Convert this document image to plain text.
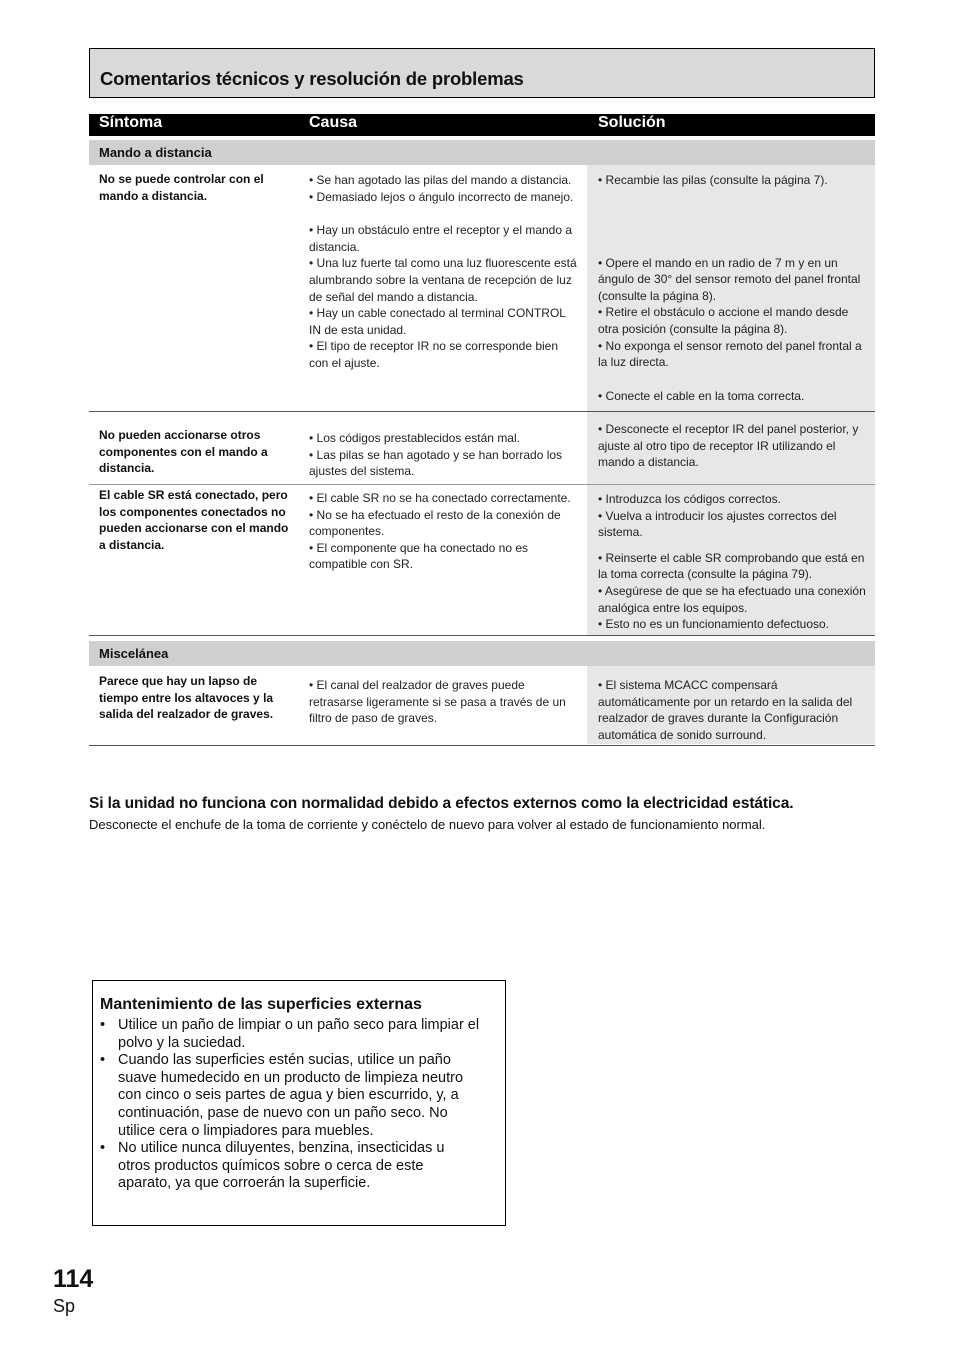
Comentarios técnicos y resolución de problemas
Síntoma	Causa	Solución
Mando a distancia
No se puede controlar con el mando a distancia.

• Se han agotado las pilas del mando a distancia.

• Demasiado lejos o ángulo incorrecto de manejo.

• Hay un obstáculo entre el receptor y el mando a distancia.

• Una luz fuerte tal como una luz fluorescente está alumbrando sobre la ventana de recepción de luz de señal del mando a distancia.

• Hay un cable conectado al terminal CONTROL IN de esta unidad.

• El tipo de receptor IR no se corresponde bien con el ajuste.

• Recambie las pilas (consulte la página 7).

• Opere el mando en un radio de 7 m y en un ángulo de 30° del sensor remoto del panel frontal (consulte la página 8).

• Retire el obstáculo o accione el mando desde otra posición (consulte la página 8).

• No exponga el sensor remoto del panel frontal a la luz directa.

• Conecte el cable en la toma correcta.

No pueden accionarse otros componentes con el mando a distancia.

• Los códigos prestablecidos están mal.

• Las pilas se han agotado y se han borrado los ajustes del sistema.

• Desconecte el receptor IR del panel posterior, y ajuste al otro tipo de receptor IR utilizando el mando a distancia.

El cable SR está conectado, pero los componentes conectados no pueden accionarse con el mando a distancia.

• El cable SR no se ha conectado correctamente.

• No se ha efectuado el resto de la conexión de componentes.

• El componente que ha conectado no es compatible con SR.

• Introduzca los códigos correctos.

• Vuelva a introducir los ajustes correctos del sistema.

• Reinserte el cable SR comprobando que está en la toma correcta (consulte la página 79).

• Asegúrese de que se ha efectuado una conexión analógica entre los equipos.

• Esto no es un funcionamiento defectuoso.

Miscelánea
Parece que hay un lapso de tiempo entre los altavoces y la salida del realzador de graves.

• El canal del realzador de graves puede retrasarse ligeramente si se pasa a través de un filtro de paso de graves.

• El sistema MCACC compensará automáticamente por un retardo en la salida del realzador de graves durante la Configuración automática de sonido surround.

Si la unidad no funciona con normalidad debido a efectos externos como la electricidad estática.
Desconecte el enchufe de la toma de corriente y conéctelo de nuevo para volver al estado de funcionamiento normal.
Mantenimiento de las superficies externas
• Utilice un paño de limpiar o un paño seco para limpiar el polvo y la suciedad.
• Cuando las superficies estén sucias, utilice un paño suave humedecido en un producto de limpieza neutro con cinco o seis partes de agua y bien escurrido, y, a continuación, pase de nuevo con un paño seco. No utilice cera o limpiadores para muebles.
• No utilice nunca diluyentes, benzina, insecticidas u otros productos químicos sobre o cerca de este aparato, ya que corroerán la superficie.
114
Sp
